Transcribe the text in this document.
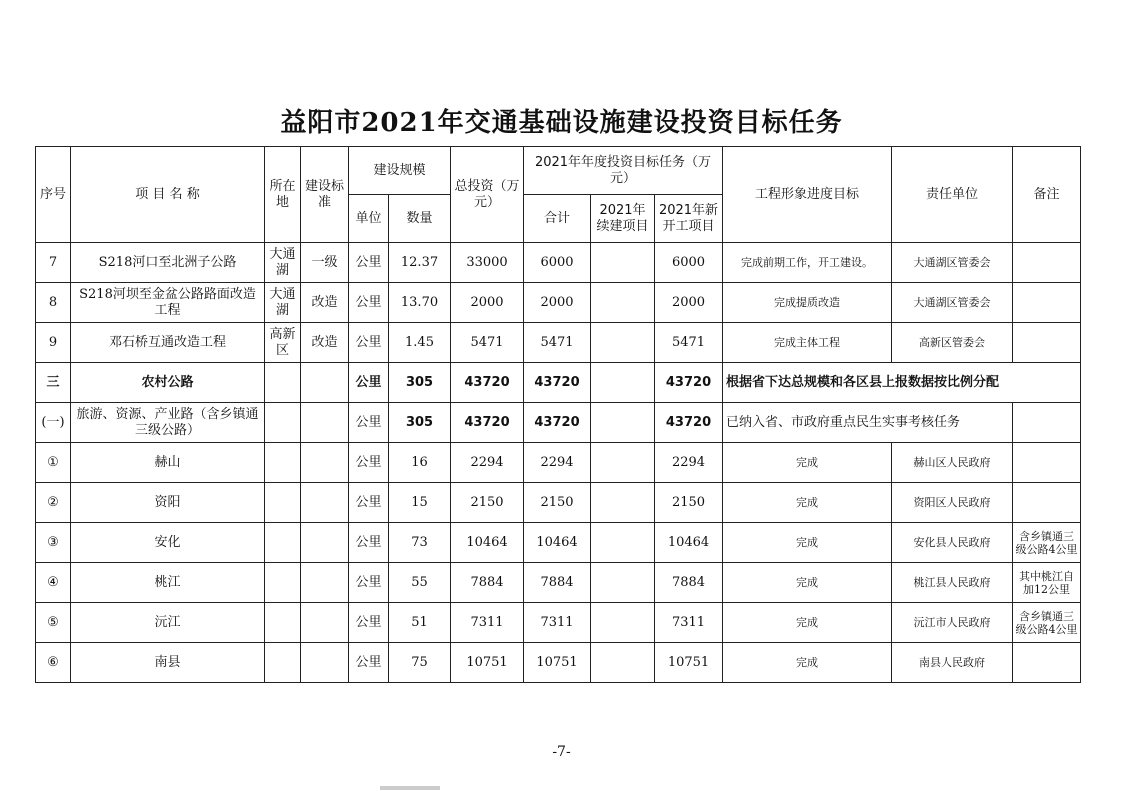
益阳市2021年交通基础设施建设投资目标任务
序号	项 目 名 称	所在地	建设标准	建设规模		总投资（万元）	2021年年度投资目标任务（万元）			工程形象进度目标	责任单位	备注
				单位	数量		合计	2021年续建项目	2021年新开工项目			
7	S218河口至北洲子公路	大通湖	一级	公里	12.37	33000	6000		6000	完成前期工作，开工建设。	大通湖区管委会	
8	S218河坝至金盆公路路面改造工程	大通湖	改造	公里	13.70	2000	2000		2000	完成提质改造	大通湖区管委会	
9	邓石桥互通改造工程	高新区	改造	公里	1.45	5471	5471		5471	完成主体工程	高新区管委会	
三	农村公路			公里	305	43720	43720		43720	根据省下达总规模和各区县上报数据按比例分配		
(一)	旅游、资源、产业路（含乡镇通三级公路）			公里	305	43720	43720		43720	已纳入省、市政府重点民生实事考核任务		
①	赫山			公里	16	2294	2294		2294	完成	赫山区人民政府	
②	资阳			公里	15	2150	2150		2150	完成	资阳区人民政府	
③	安化			公里	73	10464	10464		10464	完成	安化县人民政府	含乡镇通三级公路4公里
④	桃江			公里	55	7884	7884		7884	完成	桃江县人民政府	其中桃江自加12公里
⑤	沅江			公里	51	7311	7311		7311	完成	沅江市人民政府	含乡镇通三级公路4公里
⑥	南县			公里	75	10751	10751		10751	完成	南县人民政府	
-7-
